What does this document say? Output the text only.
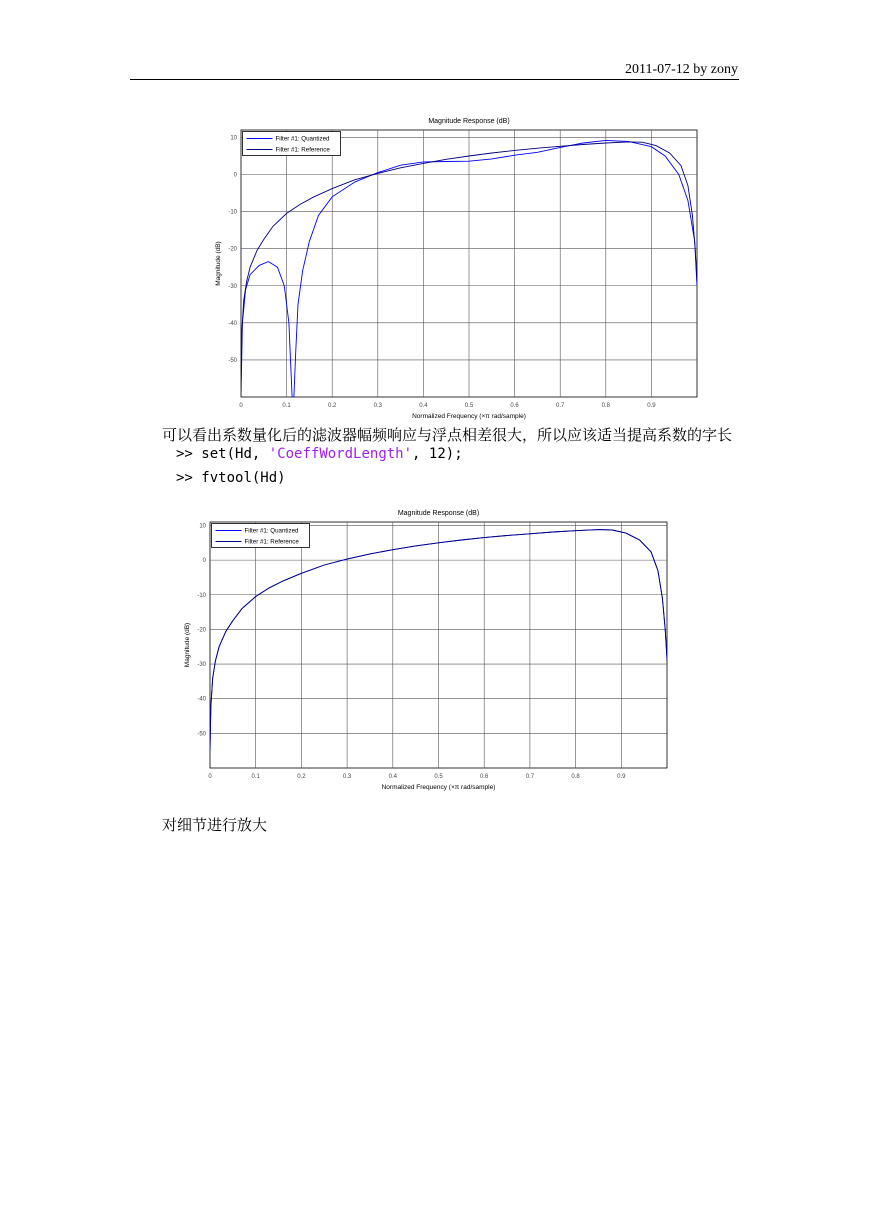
2011-07-12 by zony
Magnitude Response (dB)
0	0.1	0.2	0.3	0.4	0.5	0.6	0.7	0.8	0.9
10
0
-10
-20
-30
-40
-50
Normalized Frequency (×π rad/sample)
Magnitude (dB)
Filter #1: Quantized
Filter #1: Reference
可以看出系数量化后的滤波器幅频响应与浮点相差很大，所以应该适当提高系数的字长
>> set(Hd, 'CoeffWordLength', 12);
>> fvtool(Hd)
Magnitude Response (dB)
0	0.1	0.2	0.3	0.4	0.5	0.6	0.7	0.8	0.9
10
0
-10
-20
-30
-40
-50
Normalized Frequency (×π rad/sample)
Magnitude (dB)
Filter #1: Quantized
Filter #1: Reference
对细节进行放大
